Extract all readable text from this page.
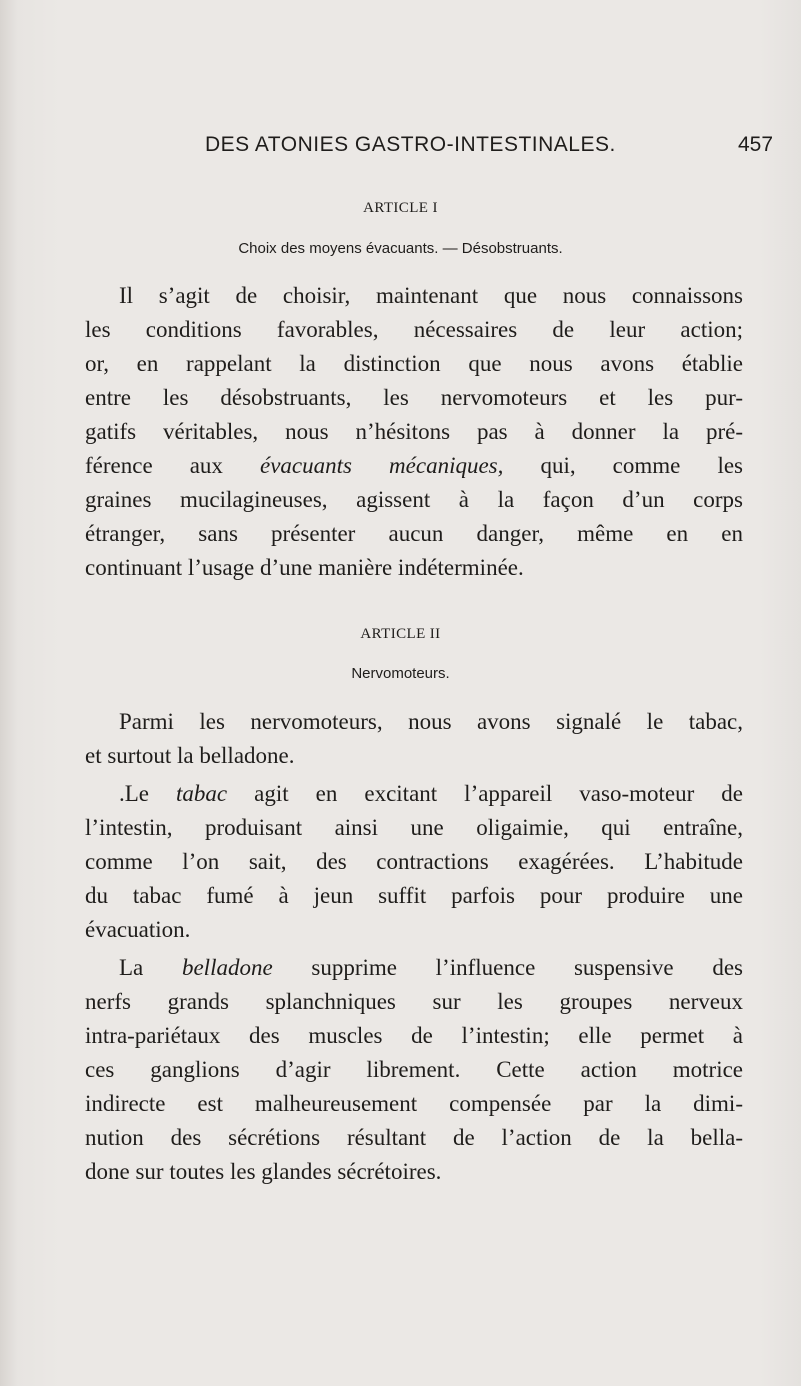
DES ATONIES GASTRO-INTESTINALES.	457
ARTICLE I
Choix des moyens évacuants. — Désobstruants.
Il s’agit de choisir, maintenant que nous connaissons
les conditions favorables, nécessaires de leur action;
or, en rappelant la distinction que nous avons établie
entre les désobstruants, les nervomoteurs et les pur-
gatifs véritables, nous n’hésitons pas à donner la pré-
férence aux évacuants mécaniques, qui, comme les
graines mucilagineuses, agissent à la façon d’un corps
étranger, sans présenter aucun danger, même en en
continuant l’usage d’une manière indéterminée.
ARTICLE II
Nervomoteurs.
Parmi les nervomoteurs, nous avons signalé le tabac,
et surtout la belladone.
.Le tabac agit en excitant l’appareil vaso-moteur de
l’intestin, produisant ainsi une oligaimie, qui entraîne,
comme l’on sait, des contractions exagérées. L’habitude
du tabac fumé à jeun suffit parfois pour produire une
évacuation.
La belladone supprime l’influence suspensive des
nerfs grands splanchniques sur les groupes nerveux
intra-pariétaux des muscles de l’intestin; elle permet à
ces ganglions d’agir librement. Cette action motrice
indirecte est malheureusement compensée par la dimi-
nution des sécrétions résultant de l’action de la bella-
done sur toutes les glandes sécrétoires.
